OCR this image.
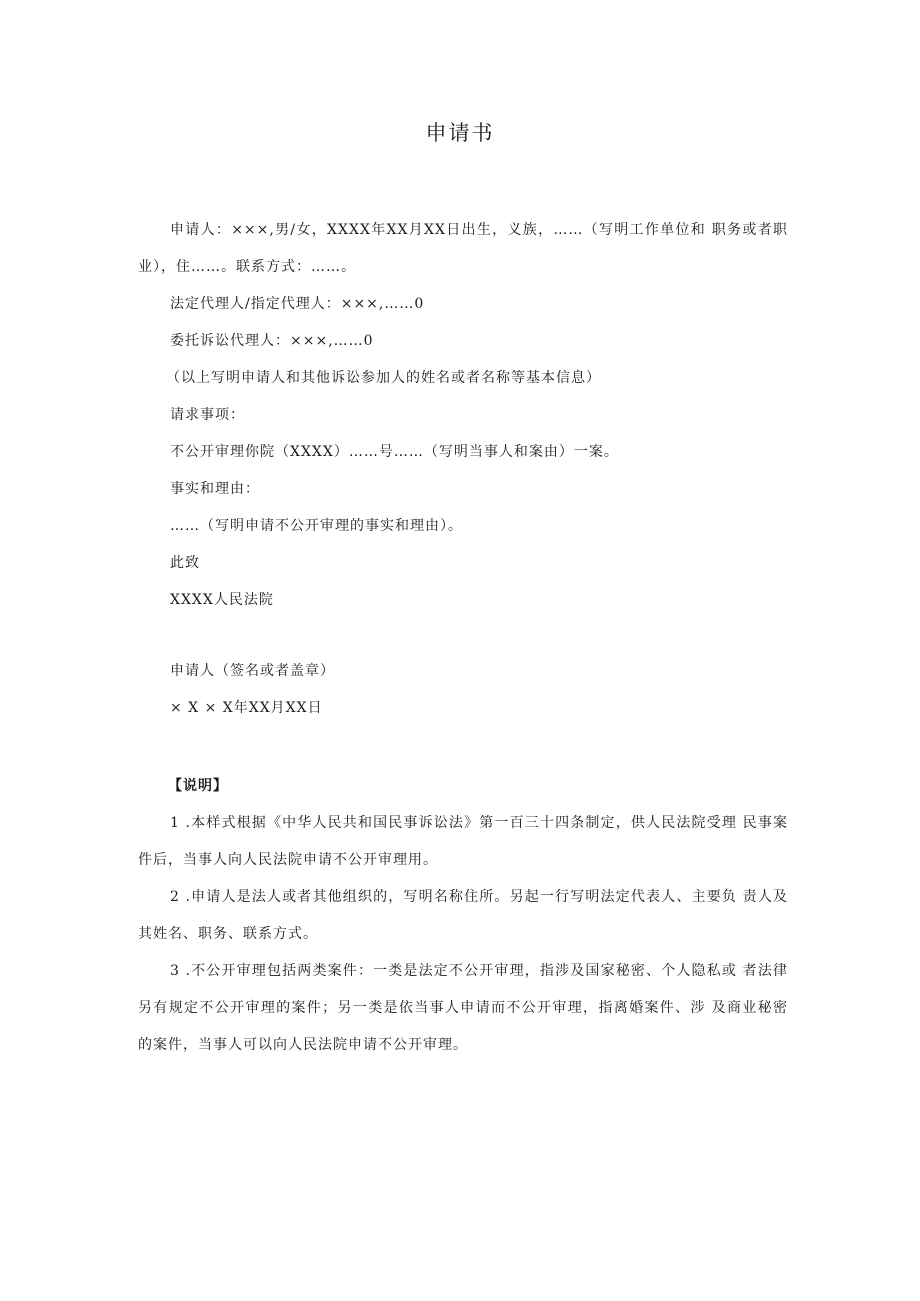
申请书

申请人：×××,男/女，XXXX年XX月XX日出生，义族，……（写明工作单位和 职务或者职业），住……。联系方式：……。

法定代理人/指定代理人：×××,……0

委托诉讼代理人：×××,……0

（以上写明申请人和其他诉讼参加人的姓名或者名称等基本信息）

请求事项：

不公开审理你院（XXXX）……号……（写明当事人和案由）一案。

事实和理由：

……（写明申请不公开审理的事实和理由）。

此致

XXXX人民法院

申请人（签名或者盖章）

× X × X年XX月XX日

【说明】

1 .本样式根据《中华人民共和国民事诉讼法》第一百三十四条制定，供人民法院受理 民事案件后，当事人向人民法院申请不公开审理用。

2 .申请人是法人或者其他组织的，写明名称住所。另起一行写明法定代表人、主要负 责人及其姓名、职务、联系方式。

3 .不公开审理包括两类案件：一类是法定不公开审理，指涉及国家秘密、个人隐私或 者法律另有规定不公开审理的案件；另一类是依当事人申请而不公开审理，指离婚案件、涉 及商业秘密的案件，当事人可以向人民法院申请不公开审理。
